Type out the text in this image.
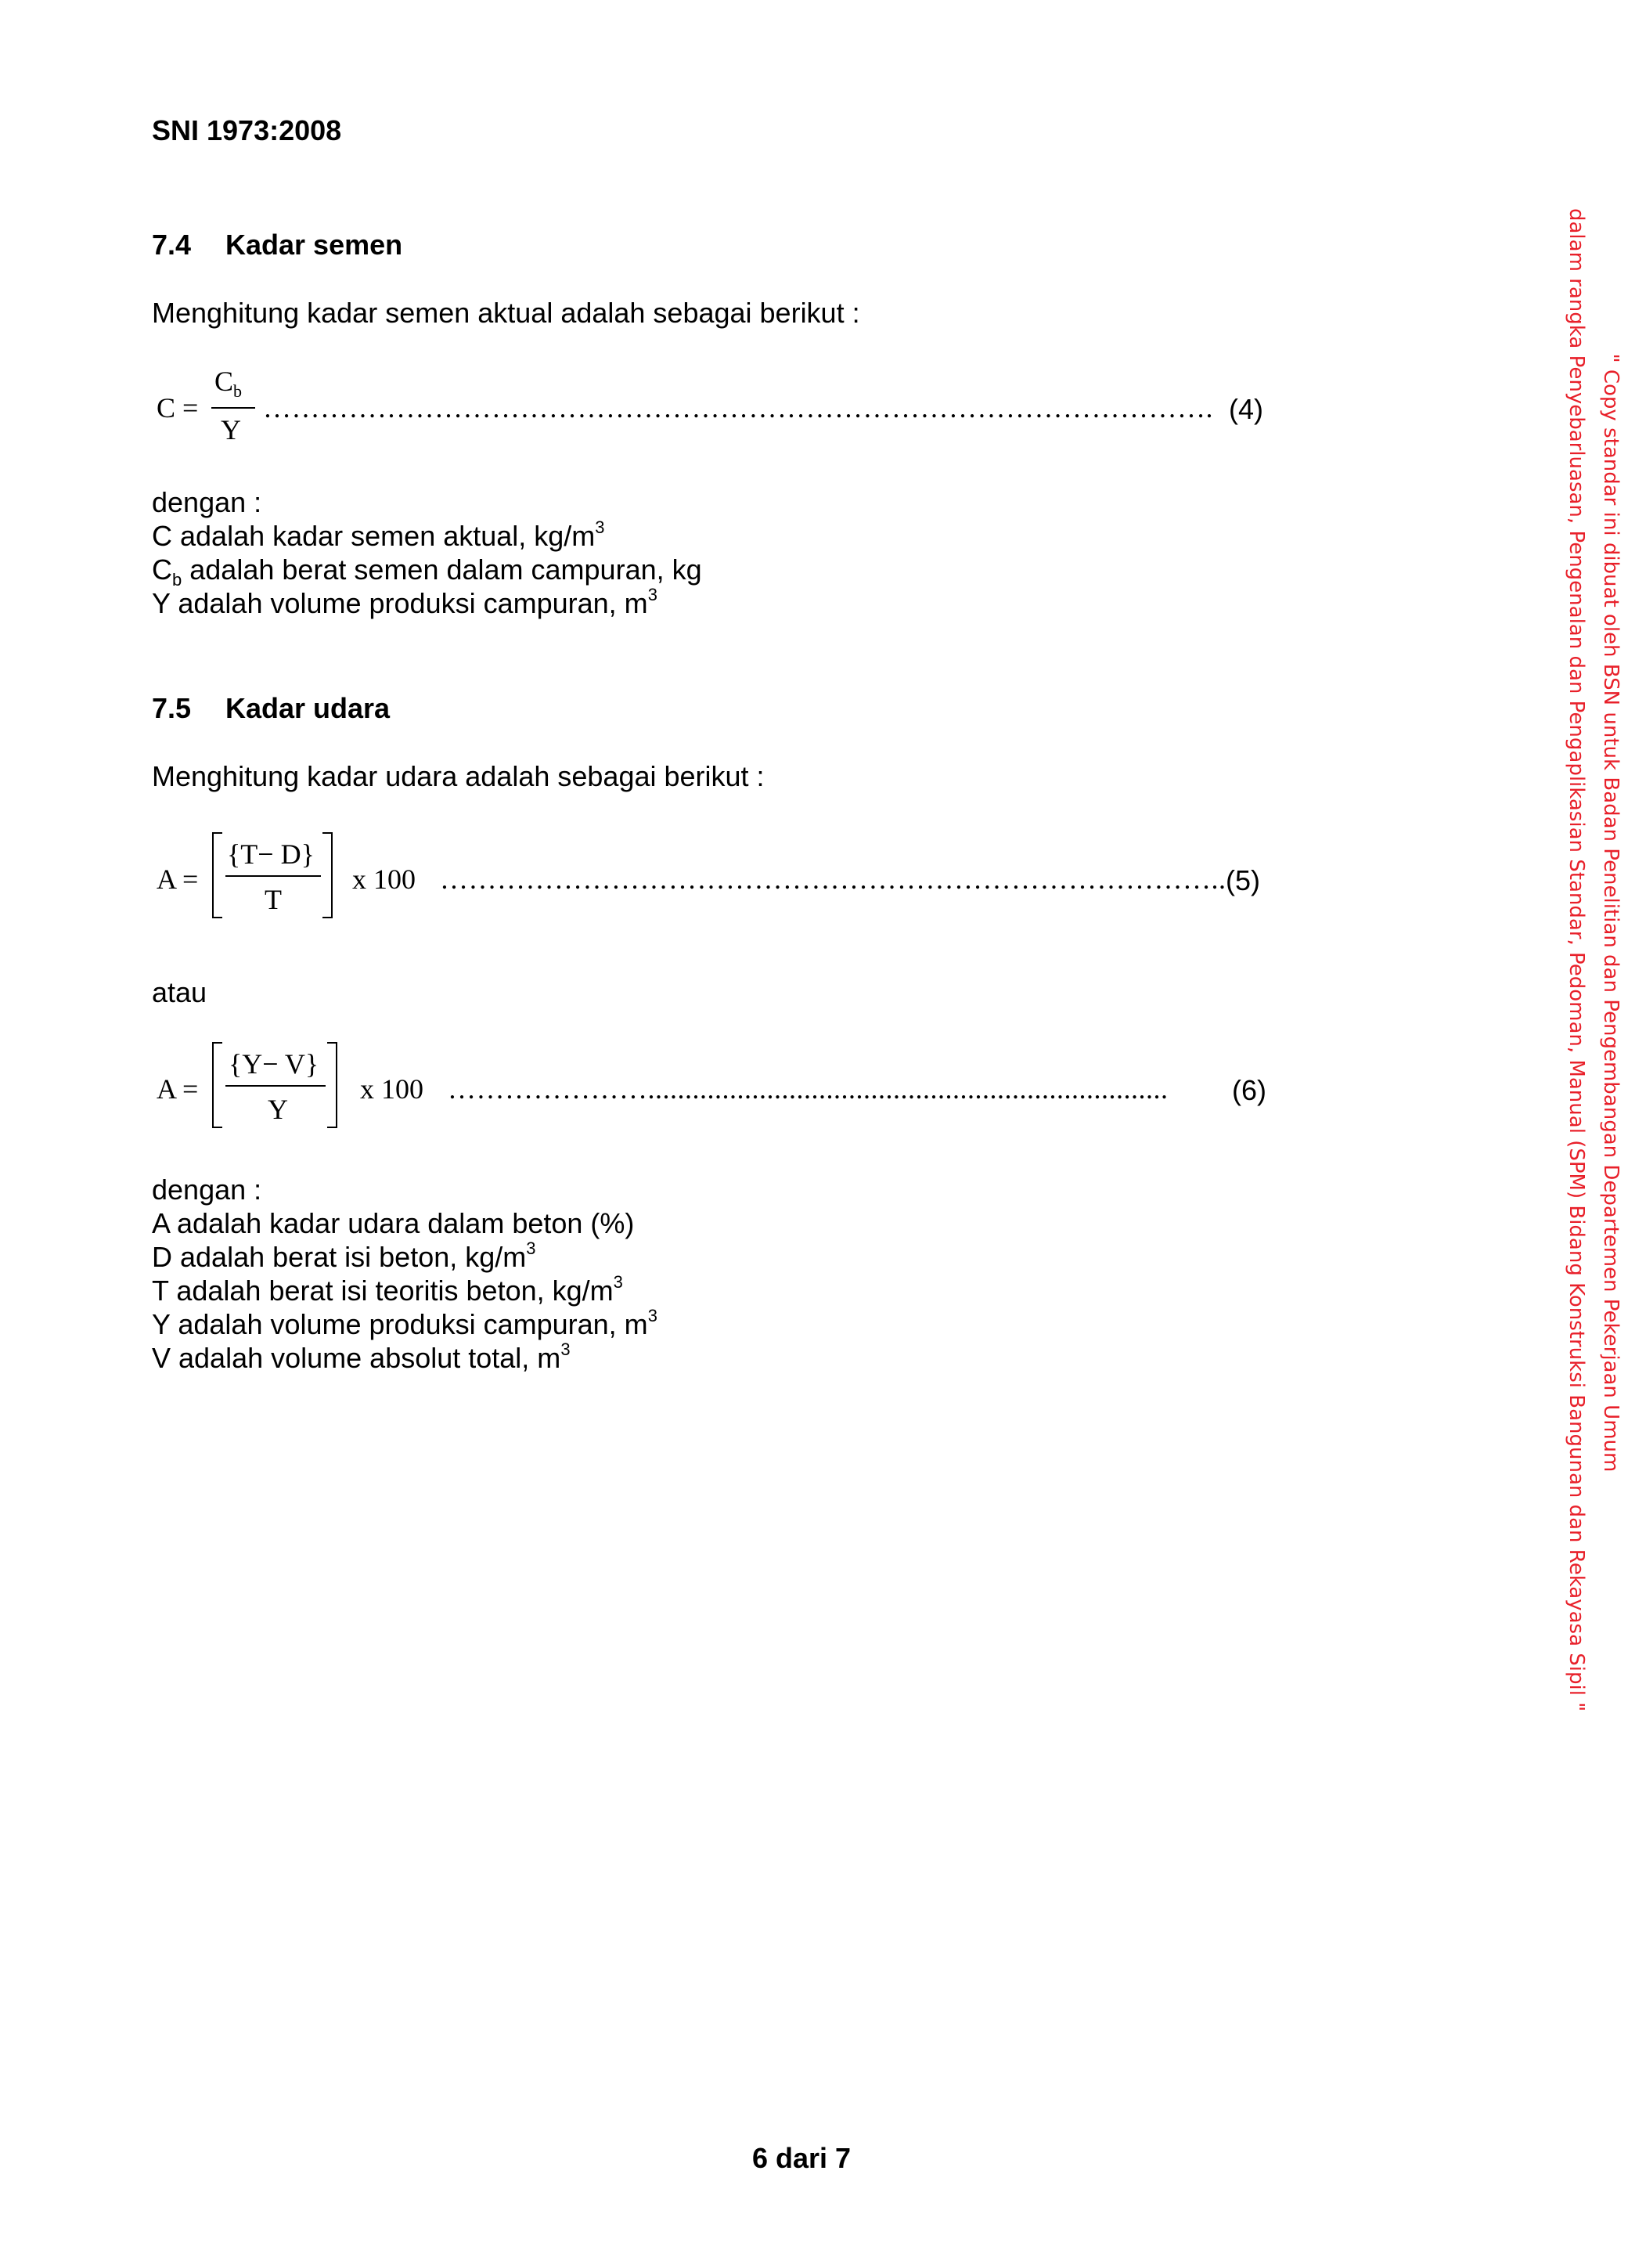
SNI 1973:2008
7.4 Kadar semen
Menghitung kadar semen aktual adalah sebagai berikut :
C =
$C_b$
Y
………………………………………………………………………………………. (4)
dengan :
C adalah kadar semen aktual, $kg/m^3$
$C_b$ adalah berat semen dalam campuran, kg
Y adalah volume produksi campuran, $m^3$
7.5 Kadar udara
Menghitung kadar udara adalah sebagai berikut :
A =
{T− D}
T
x 100 ……………………………………………………………………….. (5)
atau
A =
{Y− V}
Y
x 100 …………………......................................................................	(6)
dengan :
A adalah kadar udara dalam beton (%)
D adalah berat isi beton, $kg/m^3$
T adalah berat isi teoritis beton, $kg/m^3$
Y adalah volume produksi campuran, $m^3$
V adalah volume absolut total, $m^3$
6 dari 7
" Copy standar ini dibuat oleh BSN untuk Badan Penelitian dan Pengembangan Departemen Pekerjaan Umum
dalam rangka Penyebarluasan, Pengenalan dan Pengaplikasian Standar, Pedoman, Manual (SPM) Bidang Konstruksi Bangunan dan Rekayasa Sipil "
